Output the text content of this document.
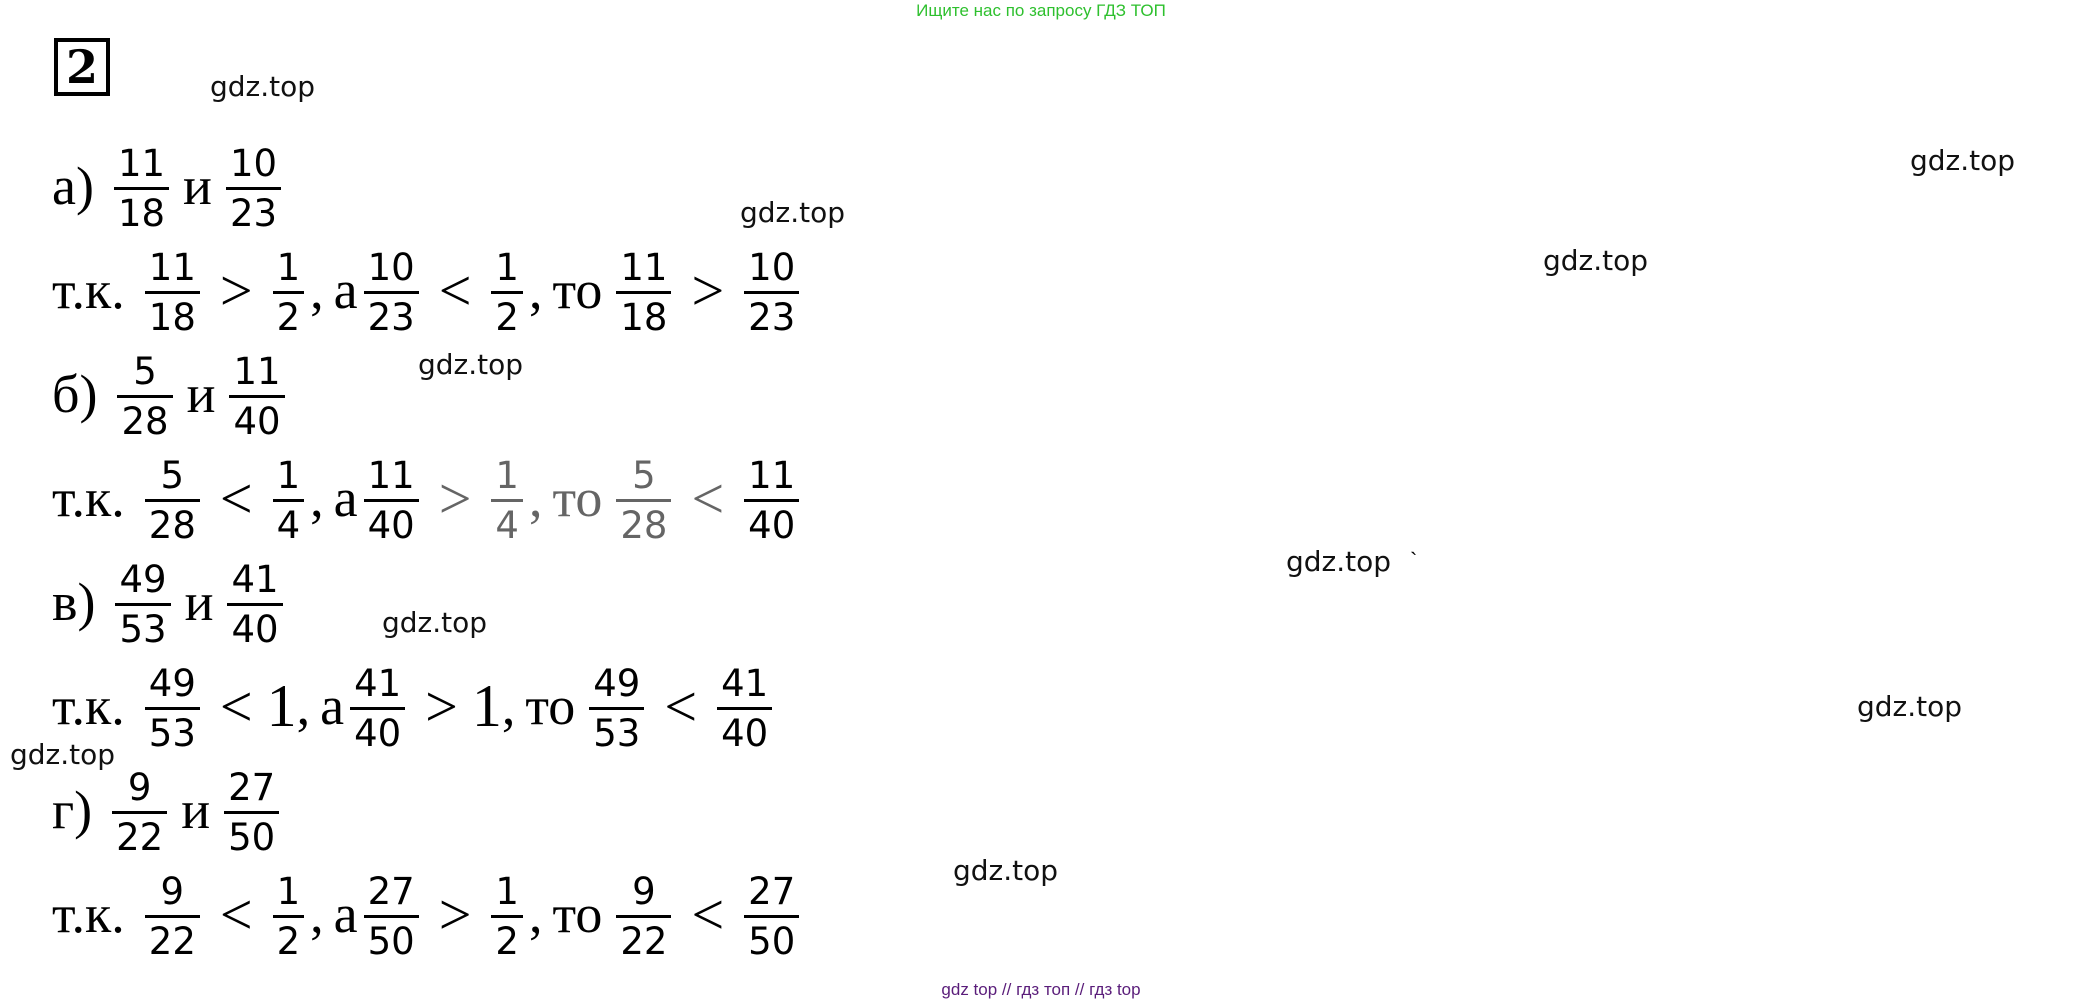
Ищите нас по запросу ГДЗ ТОП
2	gdz.top
gdz.top
gdz.top
gdz.top
gdz.top
gdz.top `
gdz.top
gdz.top
gdz.top
gdz.top
$а) \frac{11}{18}$ и $\frac{10}{23}$
т.к. $\frac{11}{18} > \frac{1}{2}$ , а $\frac{10}{23} < \frac{1}{2}$ , то $\frac{11}{18} > \frac{10}{23}$
$б) \frac{5}{28}$ и $\frac{11}{40}$
т.к. $\frac{5}{28} < \frac{1}{4}$ , а $\frac{11}{40} > \frac{1}{4}$ , то $\frac{5}{28} < \frac{11}{40}$
$в) \frac{49}{53}$ и $\frac{41}{40}$
т.к. $\frac{49}{53} < 1$ , а $\frac{41}{40} > 1$ , то $\frac{49}{53} < \frac{41}{40}$
$г) \frac{9}{22}$ и $\frac{27}{50}$
т.к. $\frac{9}{22} < \frac{1}{2}$ , а $\frac{27}{50} > \frac{1}{2}$ , то $\frac{9}{22} < \frac{27}{50}$
gdz top // гдз топ // гдз top
